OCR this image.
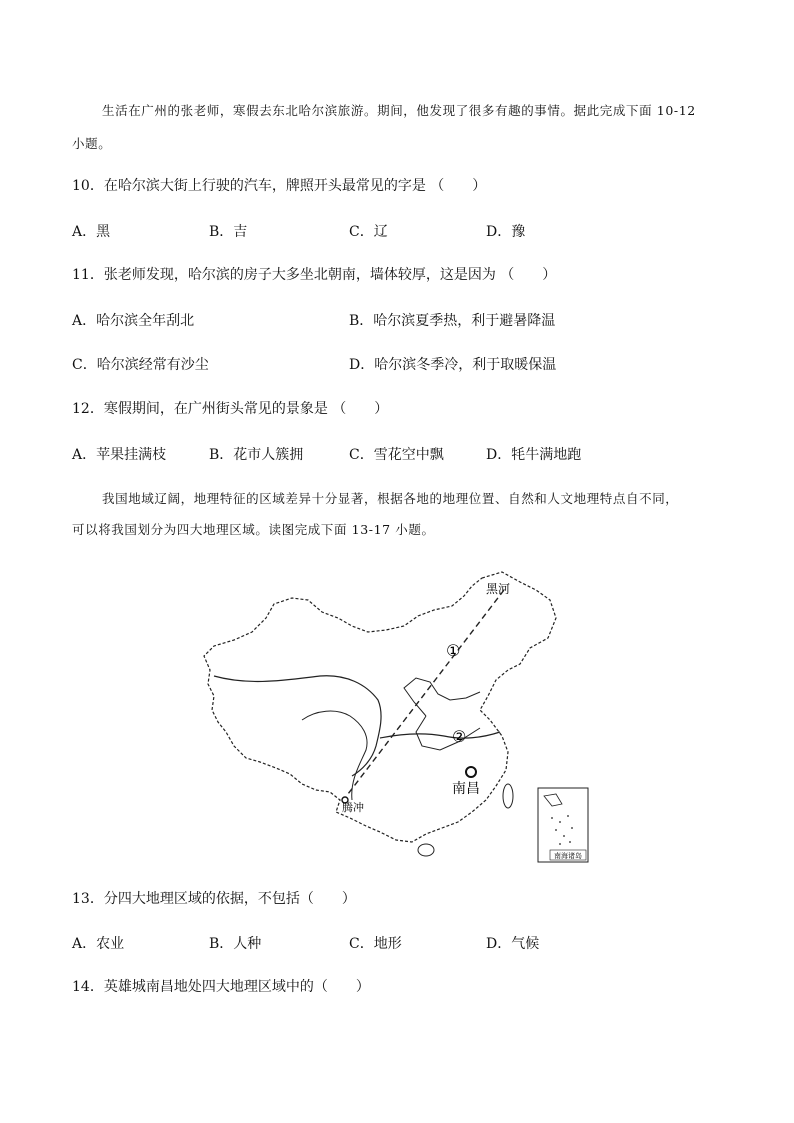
生活在广州的张老师，寒假去东北哈尔滨旅游。期间，他发现了很多有趣的事情。据此完成下面 10-12
小题。
10．在哈尔滨大街上行驶的汽车，牌照开头最常见的字是 （　　）
A．黑	B．吉	C．辽	D．豫
11．张老师发现，哈尔滨的房子大多坐北朝南，墙体较厚，这是因为 （　　）
A．哈尔滨全年刮北	B．哈尔滨夏季热，利于避暑降温
C．哈尔滨经常有沙尘	D．哈尔滨冬季冷，利于取暖保温
12．寒假期间，在广州街头常见的景象是 （　　）
A．苹果挂满枝	B．花市人簇拥	C．雪花空中飘	D．牦牛满地跑
我国地域辽阔，地理特征的区域差异十分显著，根据各地的地理位置、自然和人文地理特点自不同，
可以将我国划分为四大地理区域。读图完成下面 13-17 小题。
黑河
①
②
南昌
腾冲
南海诸岛
13．分四大地理区域的依据，不包括（　　）
A．农业	B．人种	C．地形	D．气候
14．英雄城南昌地处四大地理区域中的（　　）
